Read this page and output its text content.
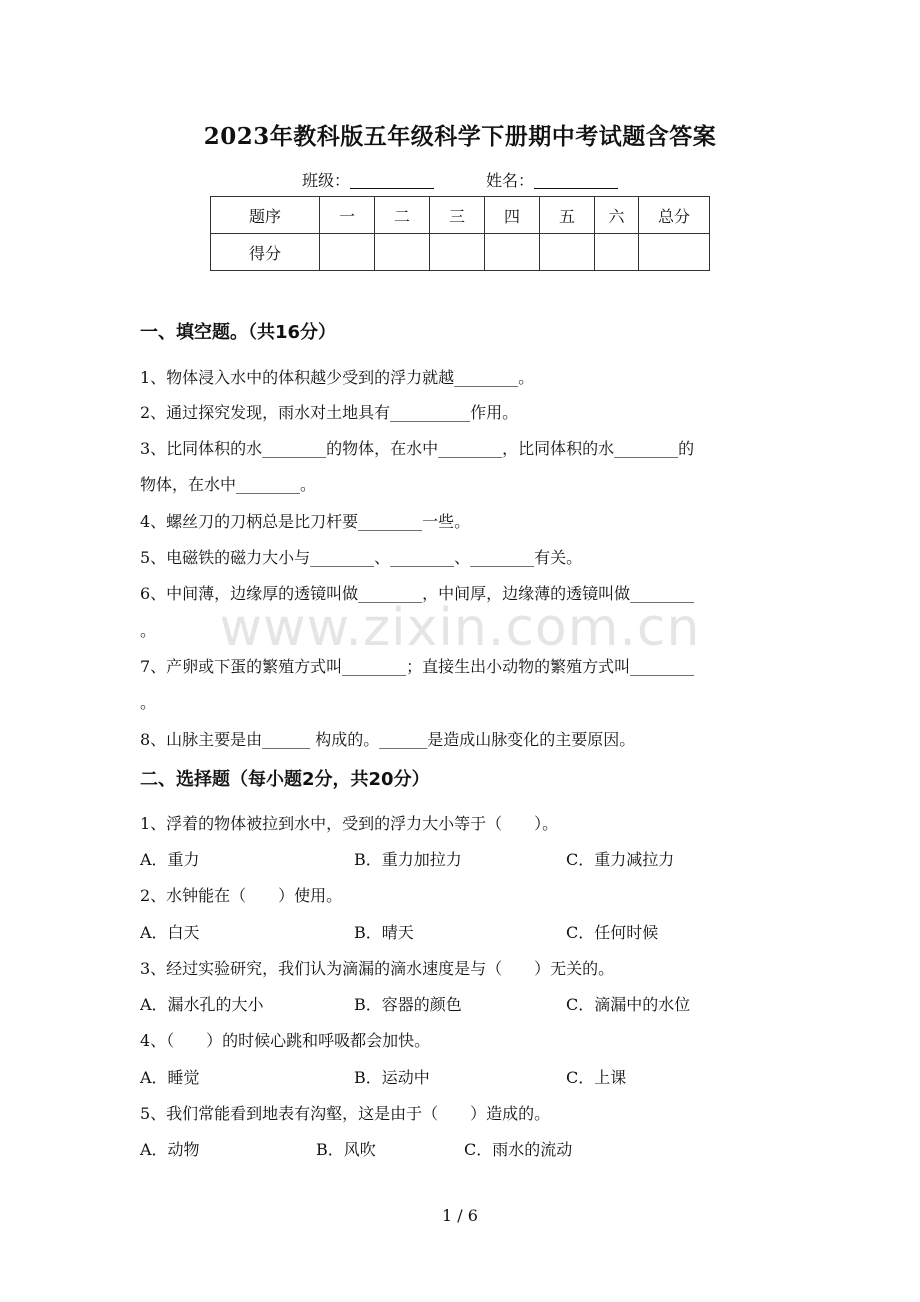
2023年教科版五年级科学下册期中考试题含答案
班级：	姓名：
题序	一	二	三	四	五	六	总分
得分							
一、填空题。（共16分）
1、物体浸入水中的体积越少受到的浮力就越________。
2、通过探究发现，雨水对土地具有__________作用。
3、比同体积的水________的物体，在水中________，比同体积的水________的
物体，在水中________。
4、螺丝刀的刀柄总是比刀杆要________一些。
5、电磁铁的磁力大小与________、________、________有关。
6、中间薄，边缘厚的透镜叫做________，中间厚，边缘薄的透镜叫做________
。
7、产卵或下蛋的繁殖方式叫________；直接生出小动物的繁殖方式叫________
。
8、山脉主要是由______ 构成的。______是造成山脉变化的主要原因。
二、选择题（每小题2分，共20分）
1、浮着的物体被拉到水中，受到的浮力大小等于（　　）。
A．重力	B．重力加拉力	C．重力减拉力
2、水钟能在（　　）使用。
A．白天	B．晴天	C．任何时候
3、经过实验研究，我们认为滴漏的滴水速度是与（　　）无关的。
A．漏水孔的大小	B．容器的颜色	C．滴漏中的水位
4、（　　）的时候心跳和呼吸都会加快。
A．睡觉	B．运动中	C．上课
5、我们常能看到地表有沟壑，这是由于（　　）造成的。
A．动物	B．风吹	C．雨水的流动
www.zixin.com.cn
1 / 6
